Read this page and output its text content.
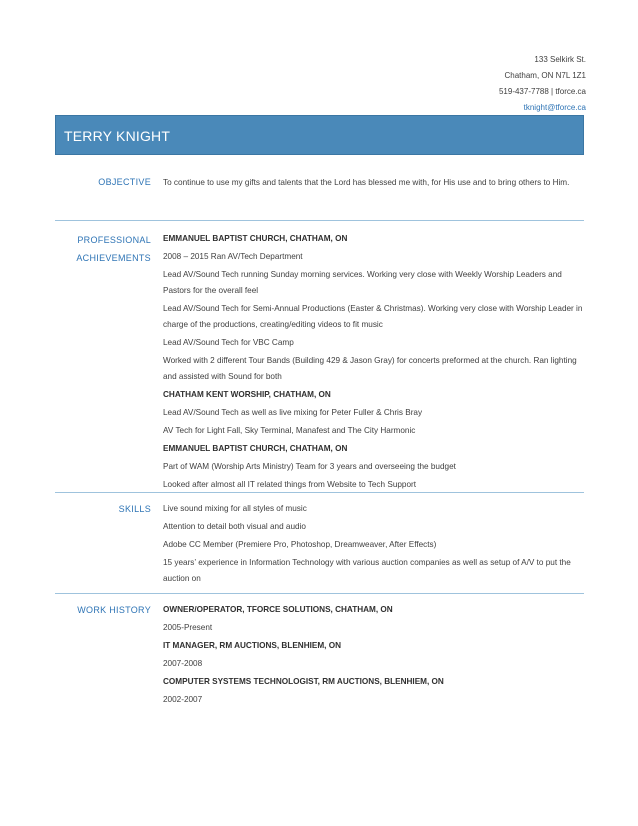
133 Selkirk St.
Chatham, ON N7L 1Z1
519-437-7788 | tforce.ca
tknight@tforce.ca
TERRY KNIGHT
OBJECTIVE To continue to use my gifts and talents that the Lord has blessed me with, for His use and to bring others to Him.

PROFESSIONAL
ACHIEVEMENTS

EMMANUEL BAPTIST CHURCH, CHATHAM, ON

2008 – 2015 Ran AV/Tech Department

Lead AV/Sound Tech running Sunday morning services. Working very close with Weekly Worship Leaders and Pastors for the overall feel

Lead AV/Sound Tech for Semi-Annual Productions (Easter & Christmas). Working very close with Worship Leader in charge of the productions, creating/editing videos to fit music

Lead AV/Sound Tech for VBC Camp

Worked with 2 different Tour Bands (Building 429 & Jason Gray) for concerts preformed at the church. Ran lighting and assisted with Sound for both

CHATHAM KENT WORSHIP, CHATHAM, ON

Lead AV/Sound Tech as well as live mixing for Peter Fuller & Chris Bray

AV Tech for Light Fall, Sky Terminal, Manafest and The City Harmonic

EMMANUEL BAPTIST CHURCH, CHATHAM, ON

Part of WAM (Worship Arts Ministry) Team for 3 years and overseeing the budget

Looked after almost all IT related things from Website to Tech Support

SKILLS Live sound mixing for all styles of music

Attention to detail both visual and audio

Adobe CC Member (Premiere Pro, Photoshop, Dreamweaver, After Effects)

15 years’ experience in Information Technology with various auction companies as well as setup of A/V to put the auction on

WORK HISTORY OWNER/OPERATOR, TFORCE SOLUTIONS, CHATHAM, ON

2005-Present

IT MANAGER, RM AUCTIONS, BLENHIEM, ON

2007-2008

COMPUTER SYSTEMS TECHNOLOGIST, RM AUCTIONS, BLENHIEM, ON

2002-2007
